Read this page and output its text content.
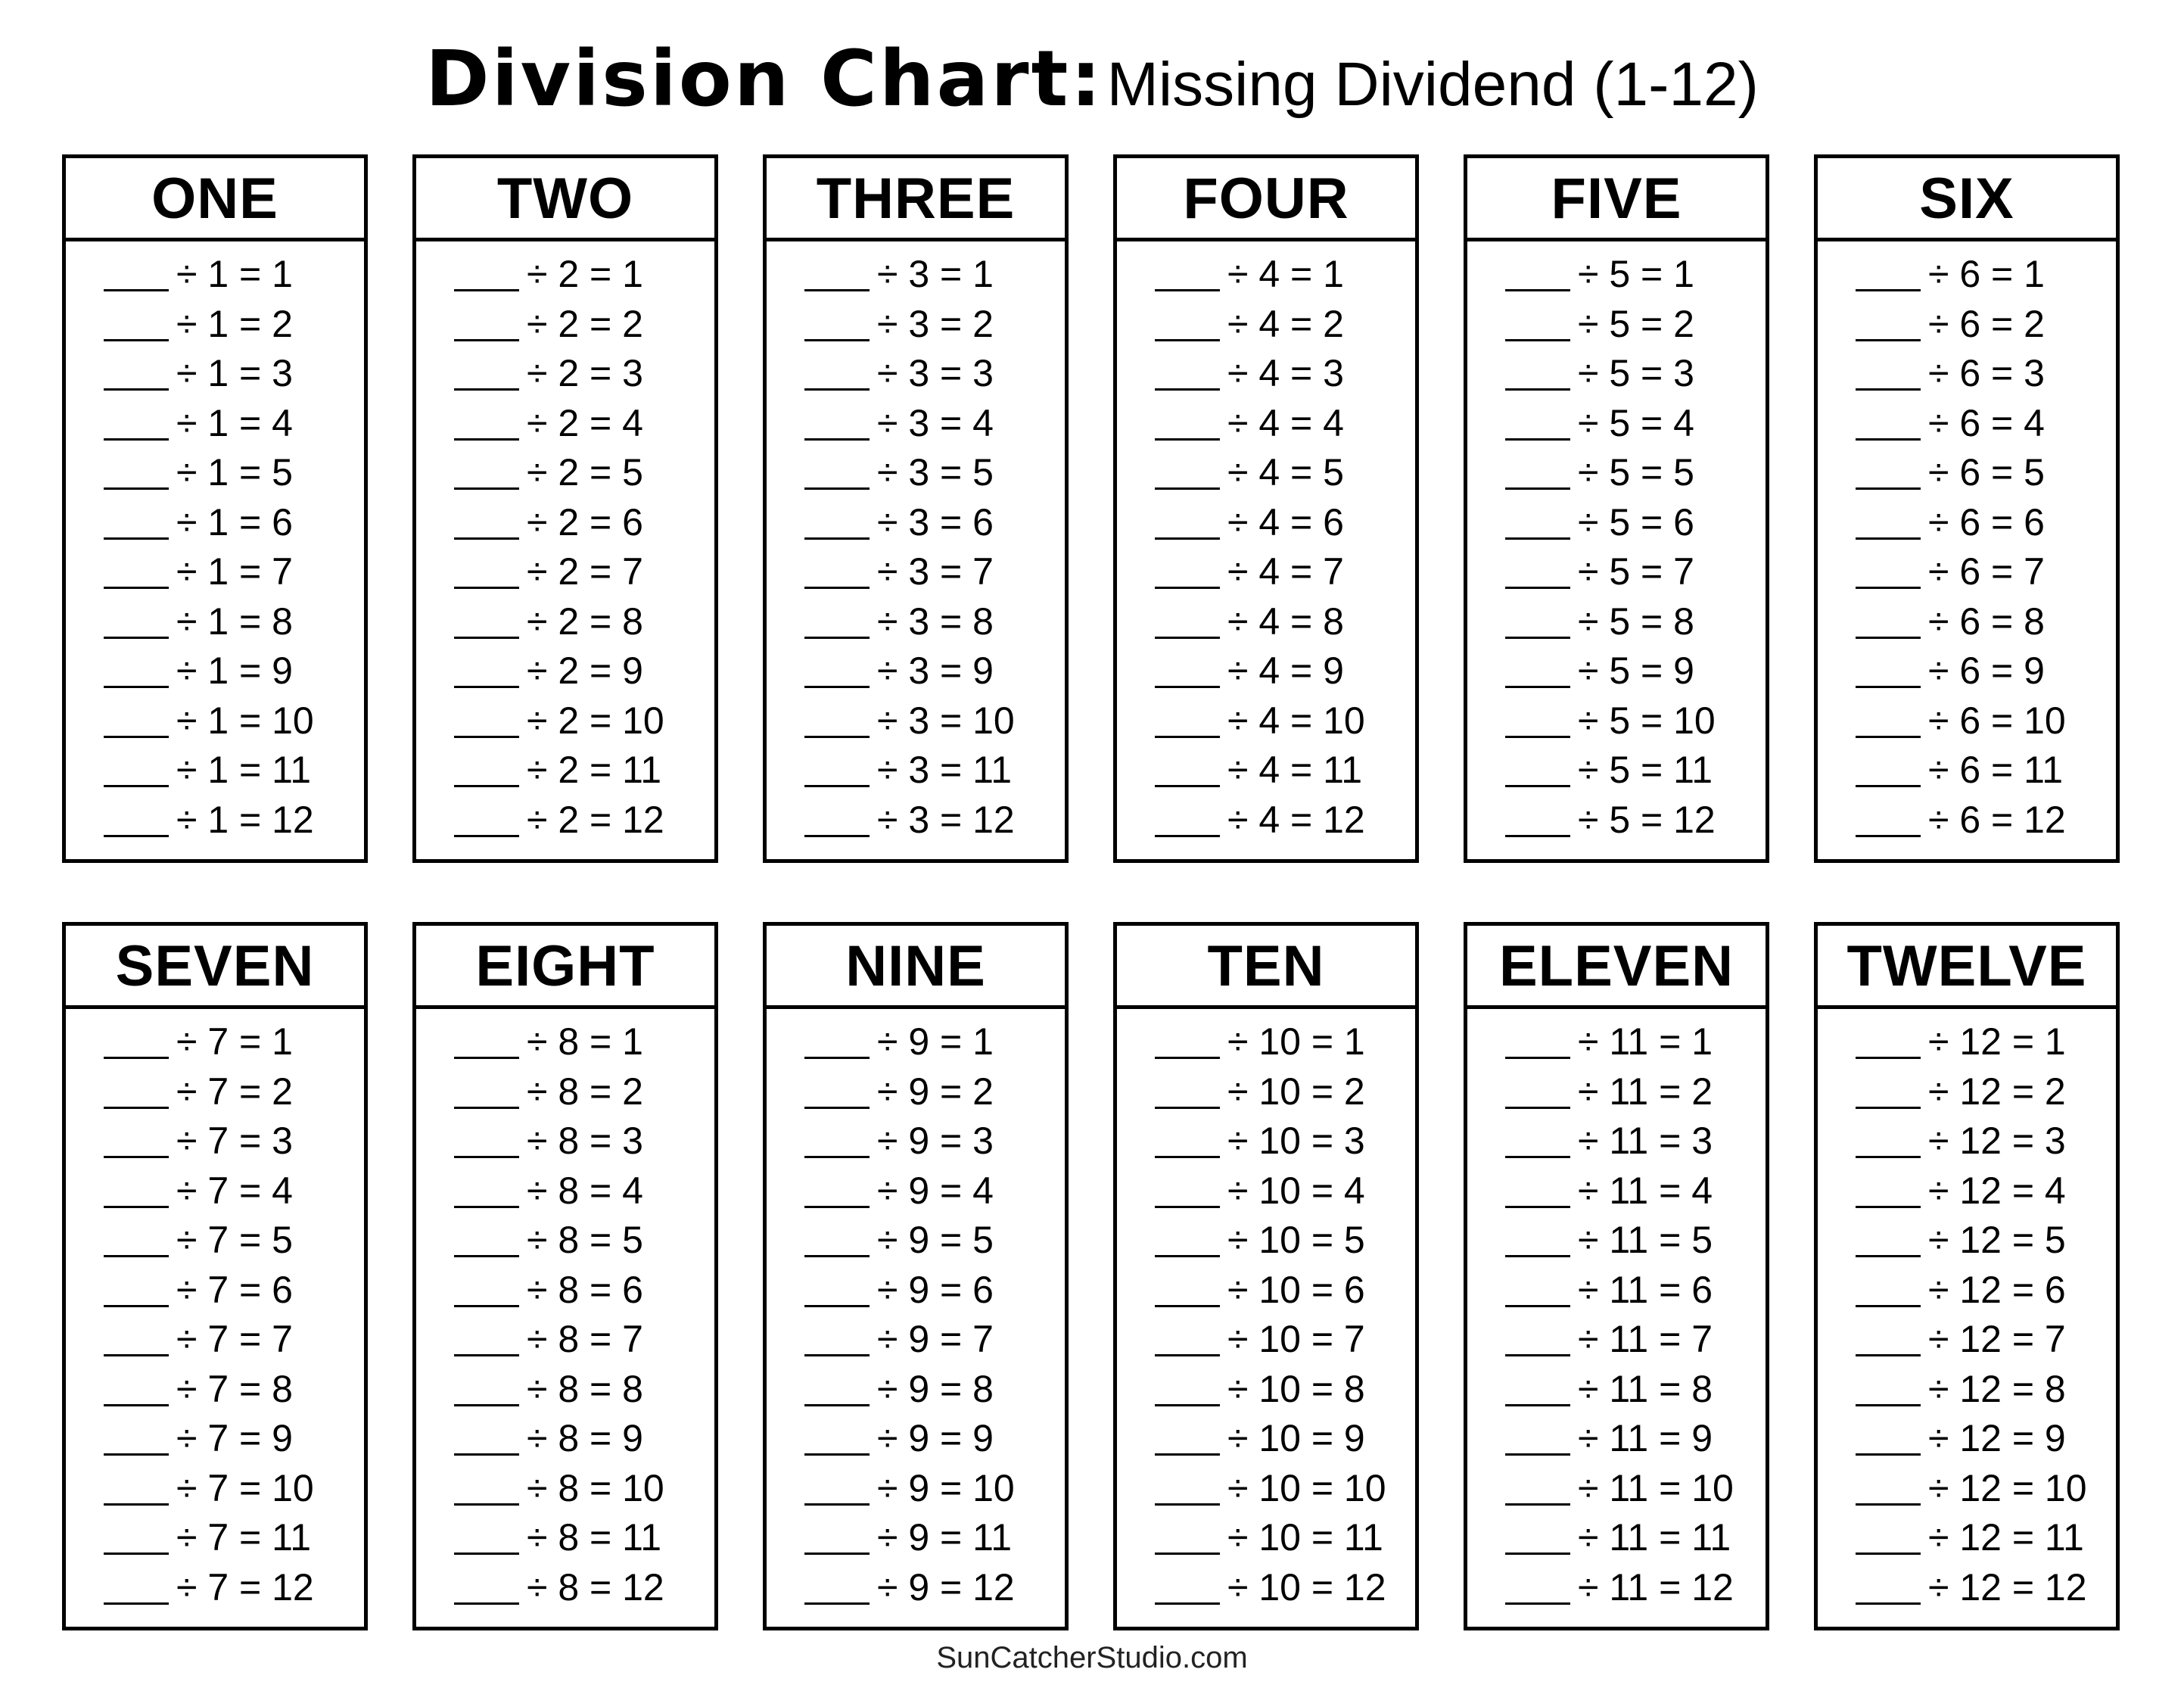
Division Chart: Missing Dividend (1-12)
ONE
÷ 1 = 1
÷ 1 = 2
÷ 1 = 3
÷ 1 = 4
÷ 1 = 5
÷ 1 = 6
÷ 1 = 7
÷ 1 = 8
÷ 1 = 9
÷ 1 = 10
÷ 1 = 11
÷ 1 = 12
TWO
÷ 2 = 1
÷ 2 = 2
÷ 2 = 3
÷ 2 = 4
÷ 2 = 5
÷ 2 = 6
÷ 2 = 7
÷ 2 = 8
÷ 2 = 9
÷ 2 = 10
÷ 2 = 11
÷ 2 = 12
THREE
÷ 3 = 1
÷ 3 = 2
÷ 3 = 3
÷ 3 = 4
÷ 3 = 5
÷ 3 = 6
÷ 3 = 7
÷ 3 = 8
÷ 3 = 9
÷ 3 = 10
÷ 3 = 11
÷ 3 = 12
FOUR
÷ 4 = 1
÷ 4 = 2
÷ 4 = 3
÷ 4 = 4
÷ 4 = 5
÷ 4 = 6
÷ 4 = 7
÷ 4 = 8
÷ 4 = 9
÷ 4 = 10
÷ 4 = 11
÷ 4 = 12
FIVE
÷ 5 = 1
÷ 5 = 2
÷ 5 = 3
÷ 5 = 4
÷ 5 = 5
÷ 5 = 6
÷ 5 = 7
÷ 5 = 8
÷ 5 = 9
÷ 5 = 10
÷ 5 = 11
÷ 5 = 12
SIX
÷ 6 = 1
÷ 6 = 2
÷ 6 = 3
÷ 6 = 4
÷ 6 = 5
÷ 6 = 6
÷ 6 = 7
÷ 6 = 8
÷ 6 = 9
÷ 6 = 10
÷ 6 = 11
÷ 6 = 12
SEVEN
÷ 7 = 1
÷ 7 = 2
÷ 7 = 3
÷ 7 = 4
÷ 7 = 5
÷ 7 = 6
÷ 7 = 7
÷ 7 = 8
÷ 7 = 9
÷ 7 = 10
÷ 7 = 11
÷ 7 = 12
EIGHT
÷ 8 = 1
÷ 8 = 2
÷ 8 = 3
÷ 8 = 4
÷ 8 = 5
÷ 8 = 6
÷ 8 = 7
÷ 8 = 8
÷ 8 = 9
÷ 8 = 10
÷ 8 = 11
÷ 8 = 12
NINE
÷ 9 = 1
÷ 9 = 2
÷ 9 = 3
÷ 9 = 4
÷ 9 = 5
÷ 9 = 6
÷ 9 = 7
÷ 9 = 8
÷ 9 = 9
÷ 9 = 10
÷ 9 = 11
÷ 9 = 12
TEN
÷ 10 = 1
÷ 10 = 2
÷ 10 = 3
÷ 10 = 4
÷ 10 = 5
÷ 10 = 6
÷ 10 = 7
÷ 10 = 8
÷ 10 = 9
÷ 10 = 10
÷ 10 = 11
÷ 10 = 12
ELEVEN
÷ 11 = 1
÷ 11 = 2
÷ 11 = 3
÷ 11 = 4
÷ 11 = 5
÷ 11 = 6
÷ 11 = 7
÷ 11 = 8
÷ 11 = 9
÷ 11 = 10
÷ 11 = 11
÷ 11 = 12
TWELVE
÷ 12 = 1
÷ 12 = 2
÷ 12 = 3
÷ 12 = 4
÷ 12 = 5
÷ 12 = 6
÷ 12 = 7
÷ 12 = 8
÷ 12 = 9
÷ 12 = 10
÷ 12 = 11
÷ 12 = 12
SunCatcherStudio.com
